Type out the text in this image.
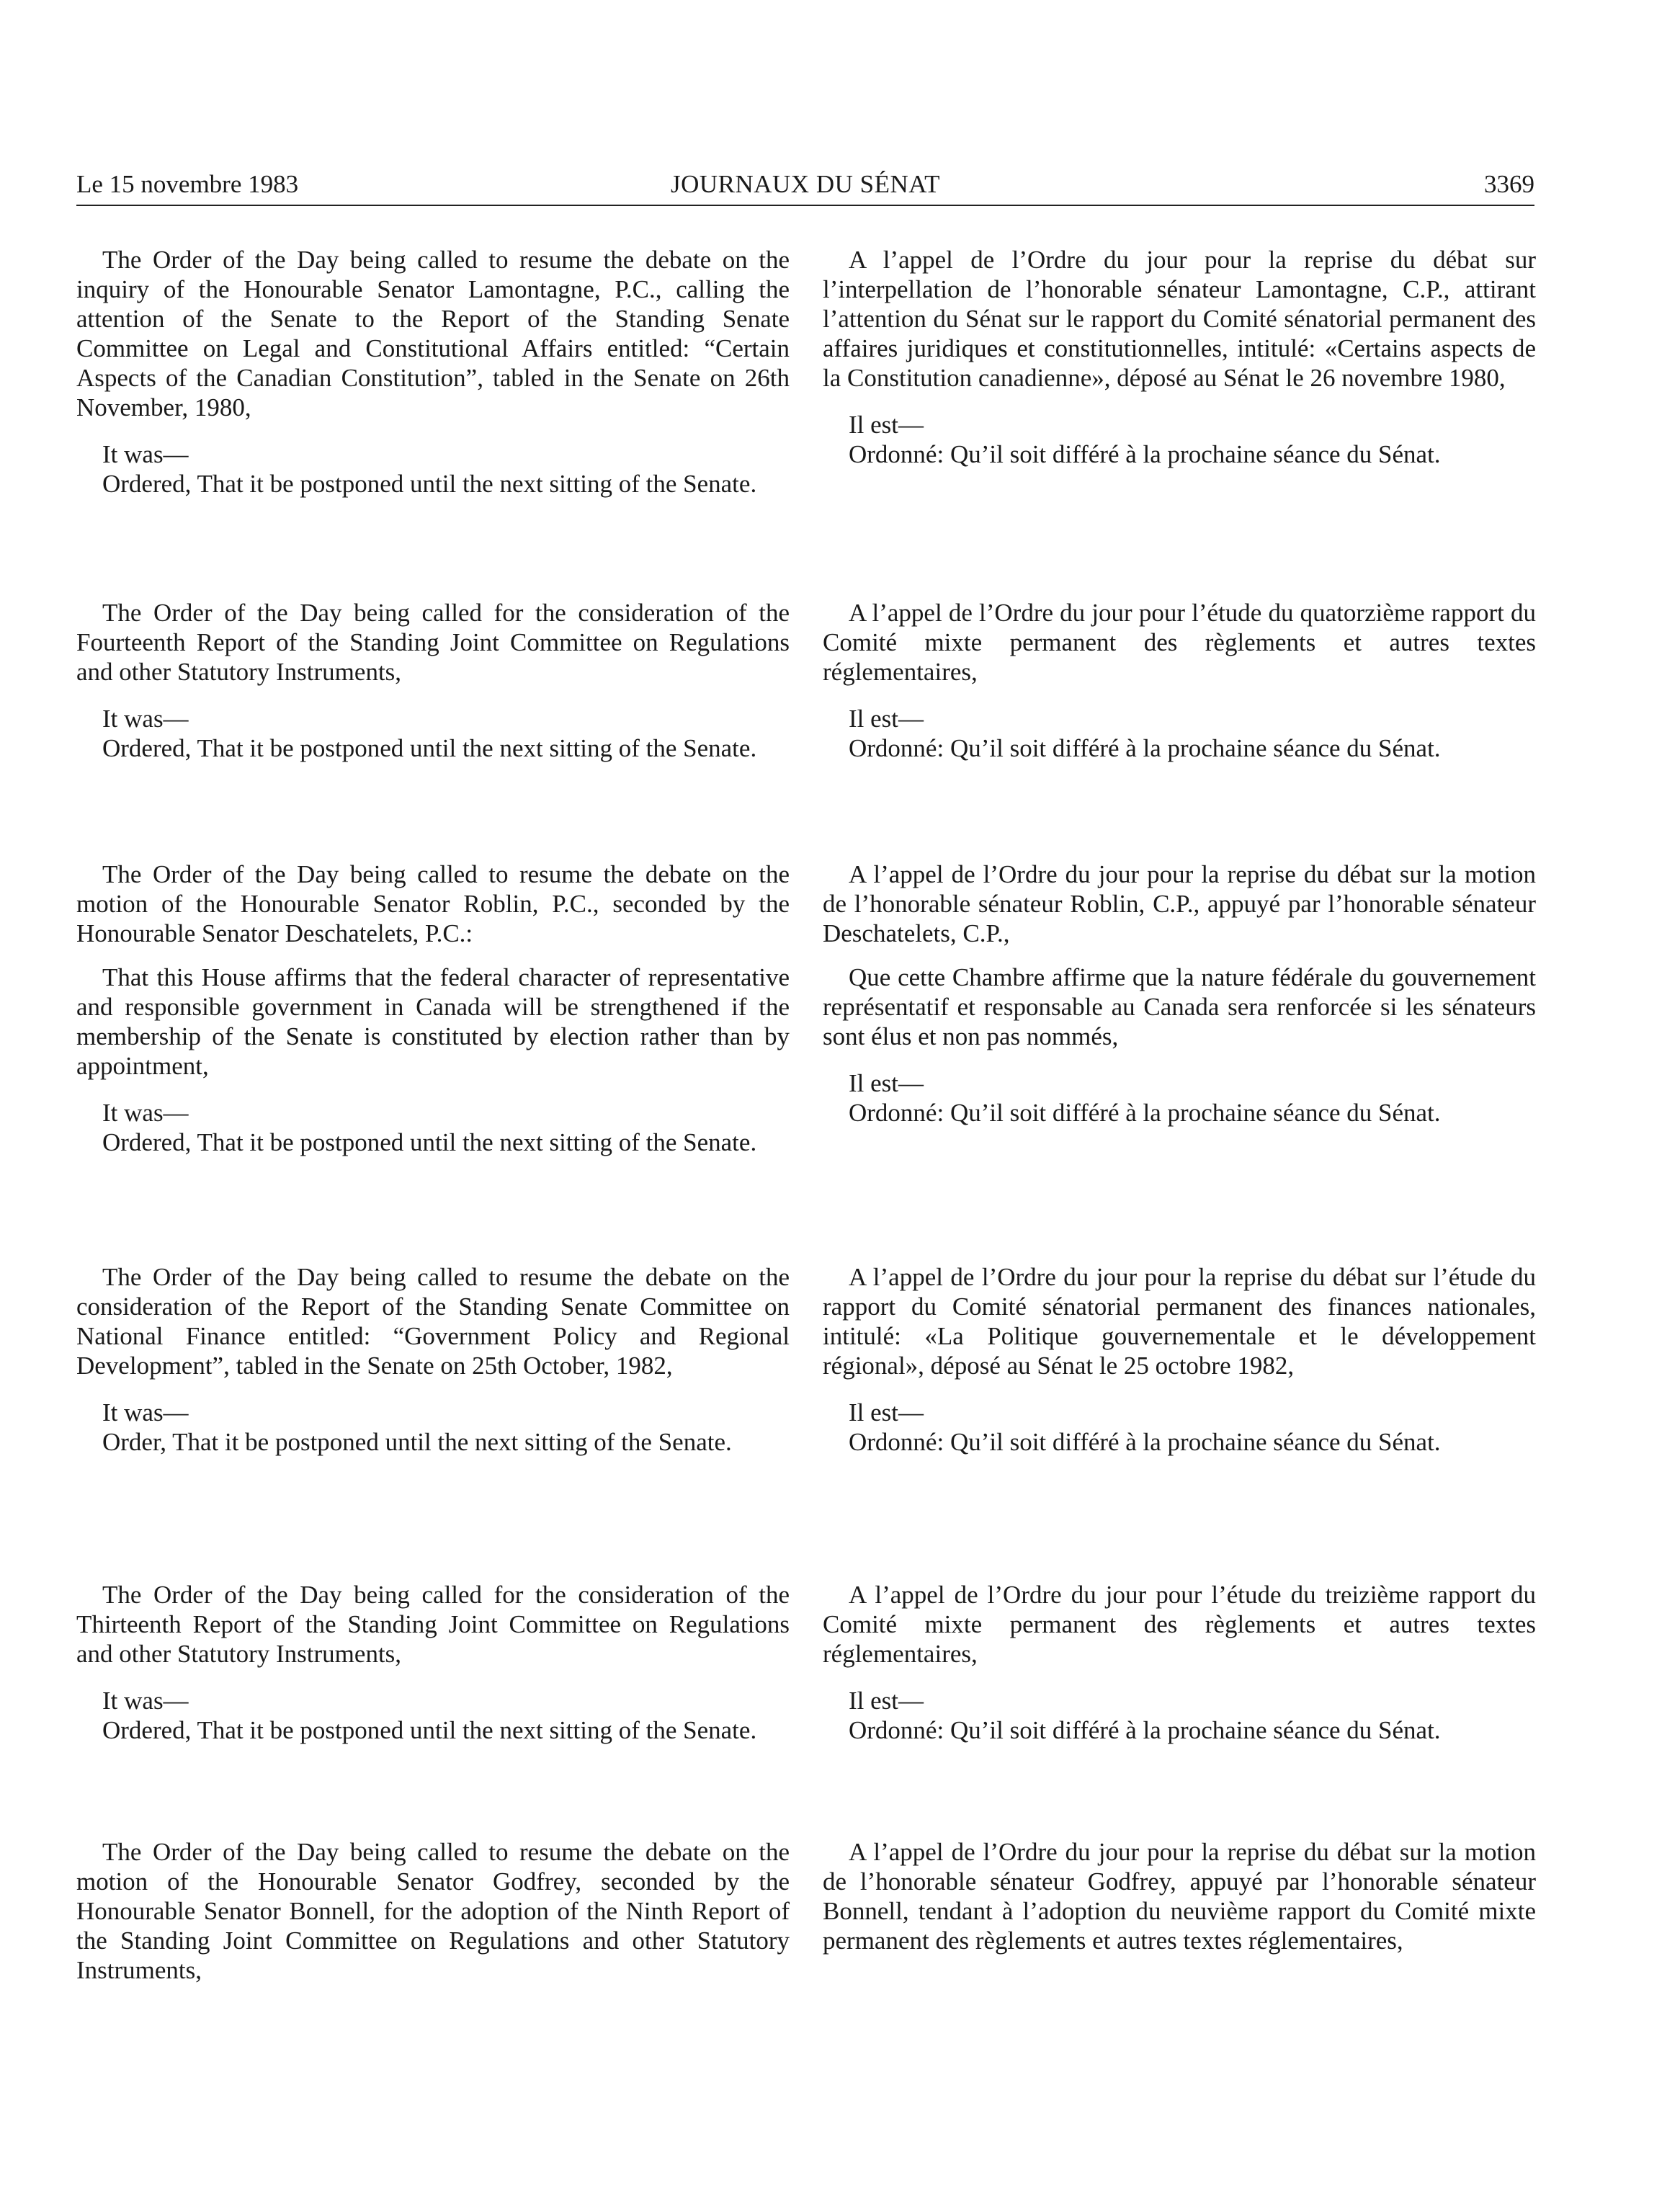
Le 15 novembre 1983	JOURNAUX DU SÉNAT	3369

The Order of the Day being called to resume the debate on the inquiry of the Honourable Senator Lamontagne, P.C., calling the attention of the Senate to the Report of the Standing Senate Committee on Legal and Constitutional Affairs entitled: “Certain Aspects of the Canadian Constitution”, tabled in the Senate on 26th November, 1980,

It was—

Ordered, That it be postponed until the next sitting of the Senate.

A l’appel de l’Ordre du jour pour la reprise du débat sur l’interpellation de l’honorable sénateur Lamontagne, C.P., attirant l’attention du Sénat sur le rapport du Comité sénatorial permanent des affaires juridiques et constitutionnelles, intitulé: «Certains aspects de la Constitution canadienne», déposé au Sénat le 26 novembre 1980,

Il est—

Ordonné: Qu’il soit différé à la prochaine séance du Sénat.

The Order of the Day being called for the consideration of the Fourteenth Report of the Standing Joint Committee on Regulations and other Statutory Instruments,

It was—

Ordered, That it be postponed until the next sitting of the Senate.

A l’appel de l’Ordre du jour pour l’étude du quatorzième rapport du Comité mixte permanent des règlements et autres textes réglementaires,

Il est—

Ordonné: Qu’il soit différé à la prochaine séance du Sénat.

The Order of the Day being called to resume the debate on the motion of the Honourable Senator Roblin, P.C., seconded by the Honourable Senator Deschatelets, P.C.:

That this House affirms that the federal character of representative and responsible government in Canada will be strengthened if the membership of the Senate is constituted by election rather than by appointment,

It was—

Ordered, That it be postponed until the next sitting of the Senate.

A l’appel de l’Ordre du jour pour la reprise du débat sur la motion de l’honorable sénateur Roblin, C.P., appuyé par l’honorable sénateur Deschatelets, C.P.,

Que cette Chambre affirme que la nature fédérale du gouvernement représentatif et responsable au Canada sera renforcée si les sénateurs sont élus et non pas nommés,

Il est—

Ordonné: Qu’il soit différé à la prochaine séance du Sénat.

The Order of the Day being called to resume the debate on the consideration of the Report of the Standing Senate Committee on National Finance entitled: “Government Policy and Regional Development”, tabled in the Senate on 25th October, 1982,

It was—

Order, That it be postponed until the next sitting of the Senate.

A l’appel de l’Ordre du jour pour la reprise du débat sur l’étude du rapport du Comité sénatorial permanent des finances nationales, intitulé: «La Politique gouvernementale et le développement régional», déposé au Sénat le 25 octobre 1982,

Il est—

Ordonné: Qu’il soit différé à la prochaine séance du Sénat.

The Order of the Day being called for the consideration of the Thirteenth Report of the Standing Joint Committee on Regulations and other Statutory Instruments,

It was—

Ordered, That it be postponed until the next sitting of the Senate.

A l’appel de l’Ordre du jour pour l’étude du treizième rapport du Comité mixte permanent des règlements et autres textes réglementaires,

Il est—

Ordonné: Qu’il soit différé à la prochaine séance du Sénat.

The Order of the Day being called to resume the debate on the motion of the Honourable Senator Godfrey, seconded by the Honourable Senator Bonnell, for the adoption of the Ninth Report of the Standing Joint Committee on Regulations and other Statutory Instruments,

A l’appel de l’Ordre du jour pour la reprise du débat sur la motion de l’honorable sénateur Godfrey, appuyé par l’honorable sénateur Bonnell, tendant à l’adoption du neuvième rapport du Comité mixte permanent des règlements et autres textes réglementaires,
